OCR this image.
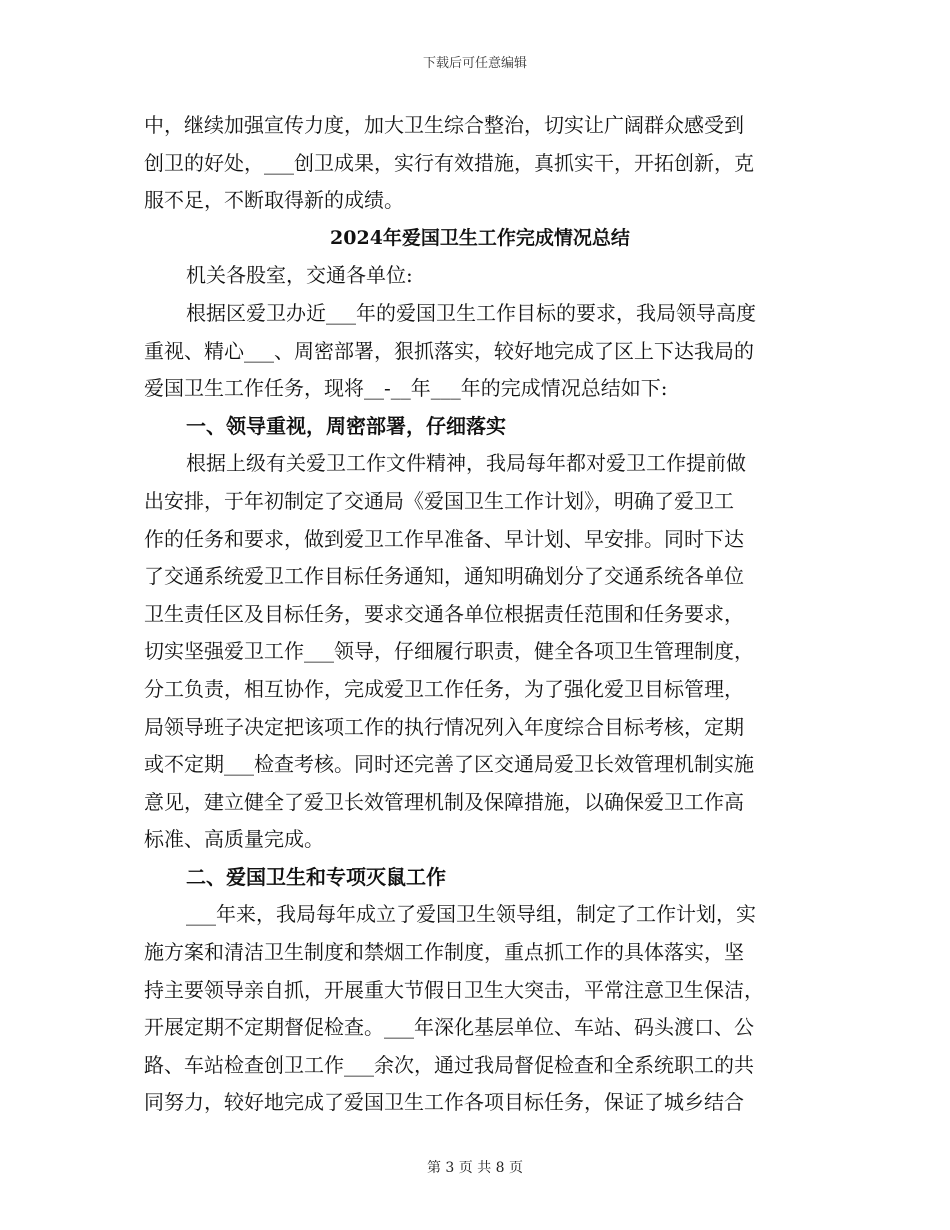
下载后可任意编辑
中，继续加强宣传力度，加大卫生综合整治，切实让广阔群众感受到
创卫的好处，___创卫成果，实行有效措施，真抓实干，开拓创新，克
服不足，不断取得新的成绩。
2024年爱国卫生工作完成情况总结
机关各股室，交通各单位:
根据区爱卫办近___年的爱国卫生工作目标的要求，我局领导高度
重视、精心___、周密部署，狠抓落实，较好地完成了区上下达我局的
爱国卫生工作任务，现将__-__年___年的完成情况总结如下:
一、领导重视，周密部署，仔细落实
根据上级有关爱卫工作文件精神，我局每年都对爱卫工作提前做
出安排，于年初制定了交通局《爱国卫生工作计划》，明确了爱卫工
作的任务和要求，做到爱卫工作早准备、早计划、早安排。同时下达
了交通系统爱卫工作目标任务通知，通知明确划分了交通系统各单位
卫生责任区及目标任务，要求交通各单位根据责任范围和任务要求，
切实坚强爱卫工作___领导，仔细履行职责，健全各项卫生管理制度，
分工负责，相互协作，完成爱卫工作任务，为了强化爱卫目标管理，
局领导班子决定把该项工作的执行情况列入年度综合目标考核，定期
或不定期___检查考核。同时还完善了区交通局爱卫长效管理机制实施
意见，建立健全了爱卫长效管理机制及保障措施，以确保爱卫工作高
标准、高质量完成。
二、爱国卫生和专项灭鼠工作
___年来，我局每年成立了爱国卫生领导组，制定了工作计划，实
施方案和清洁卫生制度和禁烟工作制度，重点抓工作的具体落实，坚
持主要领导亲自抓，开展重大节假日卫生大突击，平常注意卫生保洁，
开展定期不定期督促检查。___年深化基层单位、车站、码头渡口、公
路、车站检查创卫工作___余次，通过我局督促检查和全系统职工的共
同努力，较好地完成了爱国卫生工作各项目标任务，保证了城乡结合
第 3 页 共 8 页
